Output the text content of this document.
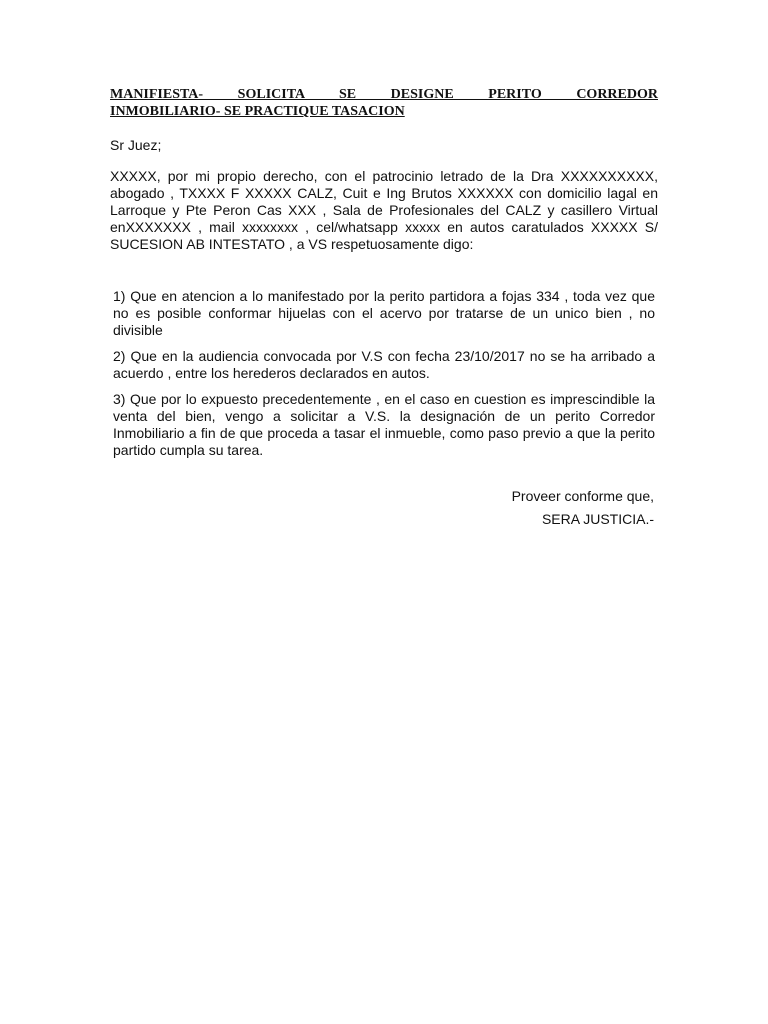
MANIFIESTA- SOLICITA SE DESIGNE PERITO CORREDOR
INMOBILIARIO- SE PRACTIQUE TASACION

Sr Juez;

XXXXX, por mi propio derecho, con el patrocinio letrado de la Dra XXXXXXXXXX, abogado , TXXXX F XXXXX CALZ, Cuit e Ing Brutos XXXXXX con domicilio lagal en Larroque y Pte Peron Cas XXX , Sala de Profesionales del CALZ y casillero Virtual enXXXXXXX , mail xxxxxxxx , cel/whatsapp xxxxx en autos caratulados XXXXX S/ SUCESION AB INTESTATO , a VS respetuosamente digo:

1) Que en atencion a lo manifestado por la perito partidora a fojas 334 , toda vez que no es posible conformar hijuelas con el acervo por tratarse de un unico bien , no divisible

2) Que en la audiencia convocada por V.S con fecha 23/10/2017 no se ha arribado a acuerdo , entre los herederos declarados en autos.

3) Que por lo expuesto precedentemente , en el caso en cuestion es imprescindible la venta del bien, vengo a solicitar a V.S. la designación de un perito Corredor Inmobiliario a fin de que proceda a tasar el inmueble, como paso previo a que la perito partido cumpla su tarea.

Proveer conforme que,
SERA JUSTICIA.-
